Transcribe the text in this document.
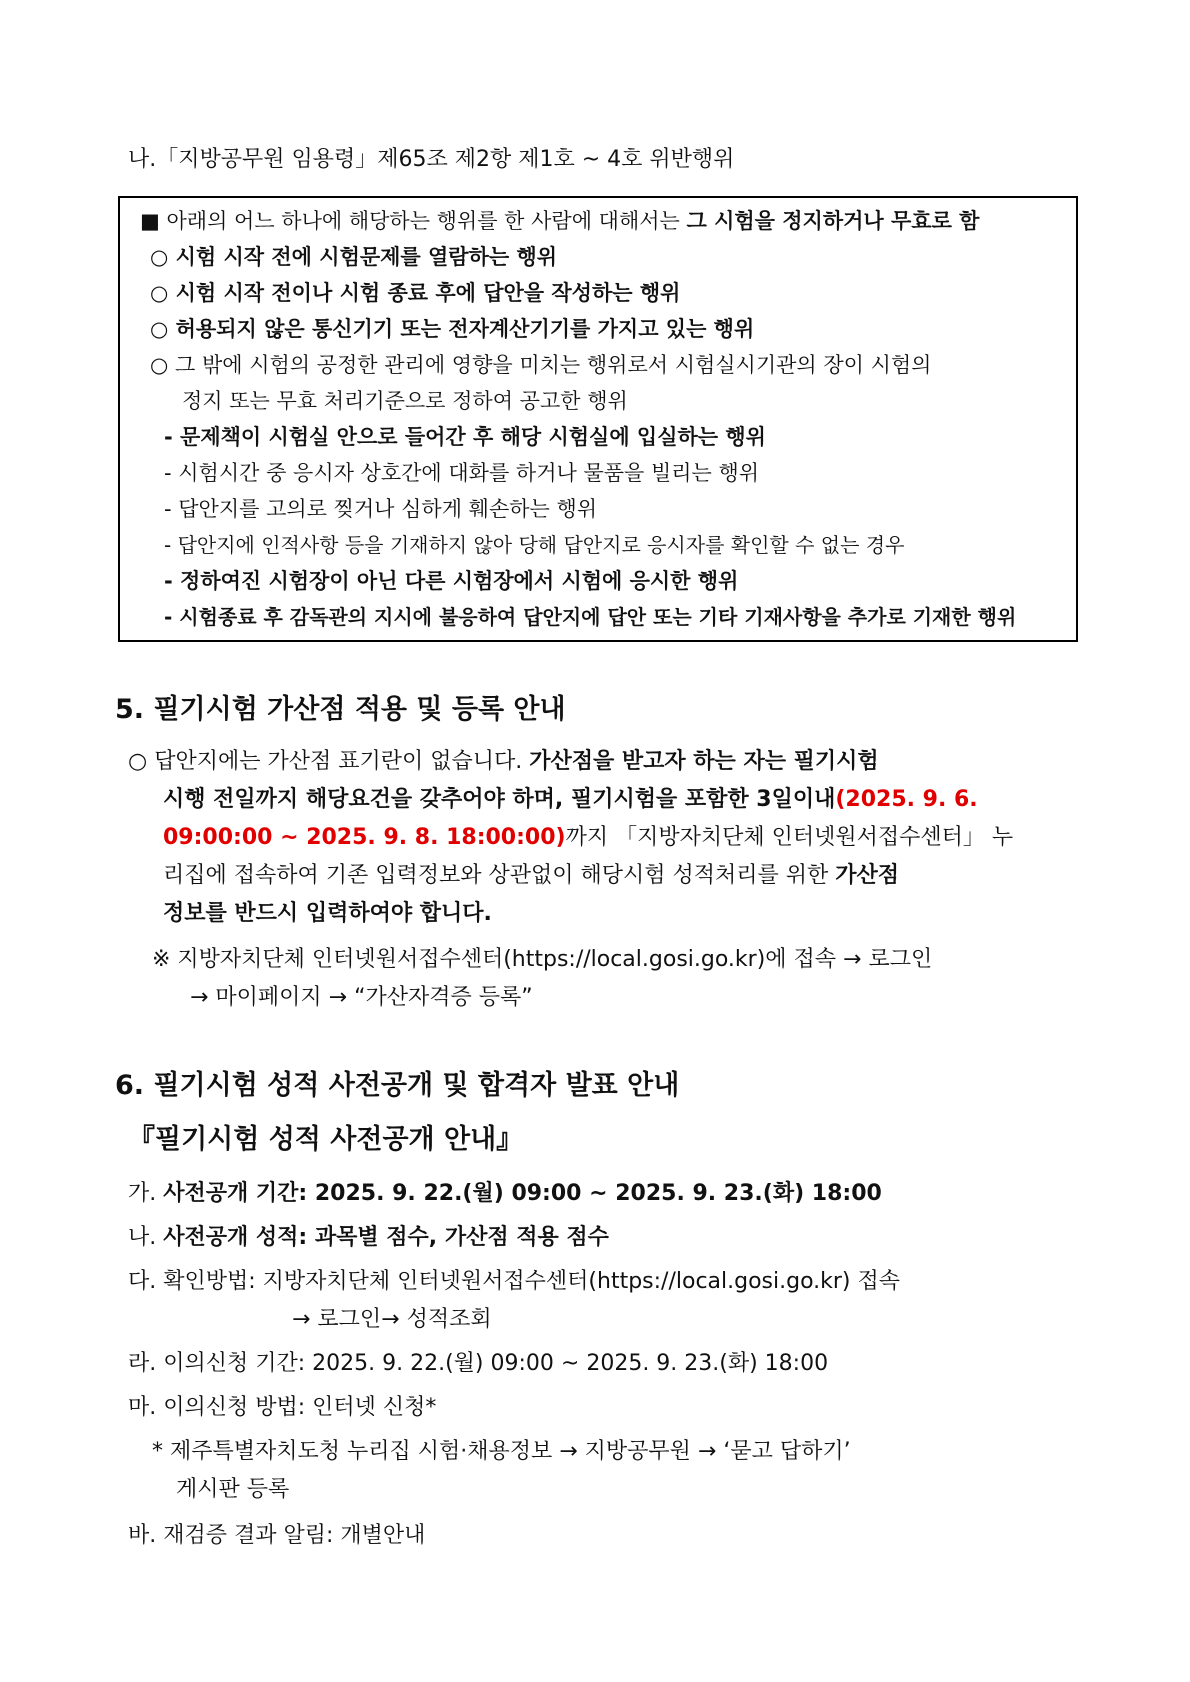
나.「지방공무원 임용령」제65조 제2항 제1호 ~ 4호 위반행위
■ 아래의 어느 하나에 해당하는 행위를 한 사람에 대해서는 그 시험을 정지하거나 무효로 함
○ 시험 시작 전에 시험문제를 열람하는 행위
○ 시험 시작 전이나 시험 종료 후에 답안을 작성하는 행위
○ 허용되지 않은 통신기기 또는 전자계산기기를 가지고 있는 행위
○ 그 밖에 시험의 공정한 관리에 영향을 미치는 행위로서 시험실시기관의 장이 시험의
정지 또는 무효 처리기준으로 정하여 공고한 행위
- 문제책이 시험실 안으로 들어간 후 해당 시험실에 입실하는 행위
- 시험시간 중 응시자 상호간에 대화를 하거나 물품을 빌리는 행위
- 답안지를 고의로 찢거나 심하게 훼손하는 행위
- 답안지에 인적사항 등을 기재하지 않아 당해 답안지로 응시자를 확인할 수 없는 경우
- 정하여진 시험장이 아닌 다른 시험장에서 시험에 응시한 행위
- 시험종료 후 감독관의 지시에 불응하여 답안지에 답안 또는 기타 기재사항을 추가로 기재한 행위
5. 필기시험 가산점 적용 및 등록 안내
○ 답안지에는 가산점 표기란이 없습니다. 가산점을 받고자 하는 자는 필기시험
시행 전일까지 해당요건을 갖추어야 하며, 필기시험을 포함한 3일이내(2025. 9. 6.
09:00:00 ~ 2025. 9. 8. 18:00:00)까지 「지방자치단체 인터넷원서접수센터」 누
리집에 접속하여 기존 입력정보와 상관없이 해당시험 성적처리를 위한 가산점
정보를 반드시 입력하여야 합니다.
※ 지방자치단체 인터넷원서접수센터(https://local.gosi.go.kr)에 접속 → 로그인
→ 마이페이지 → “가산자격증 등록”
6. 필기시험 성적 사전공개 및 합격자 발표 안내
『필기시험 성적 사전공개 안내』
가. 사전공개 기간: 2025. 9. 22.(월) 09:00 ~ 2025. 9. 23.(화) 18:00
나. 사전공개 성적: 과목별 점수, 가산점 적용 점수
다. 확인방법: 지방자치단체 인터넷원서접수센터(https://local.gosi.go.kr) 접속
→ 로그인→ 성적조회
라. 이의신청 기간: 2025. 9. 22.(월) 09:00 ~ 2025. 9. 23.(화) 18:00
마. 이의신청 방법: 인터넷 신청*
* 제주특별자치도청 누리집 시험·채용정보 → 지방공무원 → ‘묻고 답하기’
게시판 등록
바. 재검증 결과 알림: 개별안내
